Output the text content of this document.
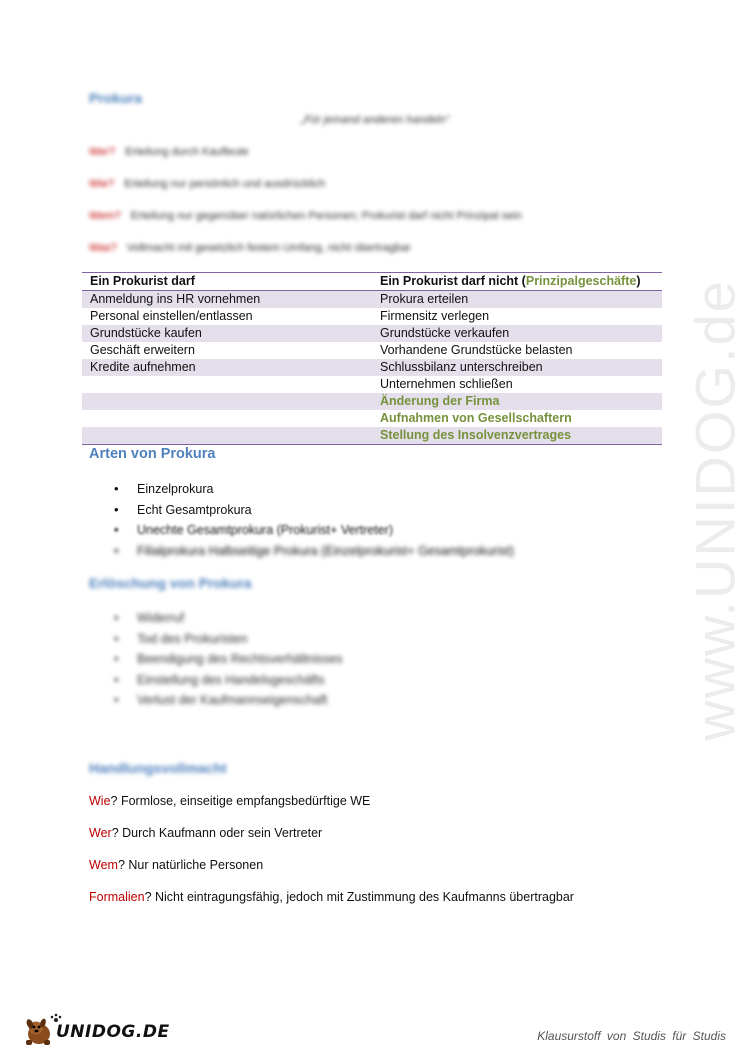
www.UNIDOG.de
Prokura
„Für jemand anderen handeln"
Wer? Erteilung durch Kaufleute
Wie? Erteilung nur persönlich und ausdrücklich
Wem? Erteilung nur gegenüber natürlichen Personen; Prokurist darf nicht Prinzipal sein
Was? Vollmacht mit gesetzlich festem Umfang, nicht übertragbar
Ein Prokurist darf	Ein Prokurist darf nicht (Prinzipalgeschäfte)
Anmeldung ins HR vornehmen	Prokura erteilen
Personal einstellen/entlassen	Firmensitz verlegen
Grundstücke kaufen	Grundstücke verkaufen
Geschäft erweitern	Vorhandene Grundstücke belasten
Kredite aufnehmen	Schlussbilanz unterschreiben
	Unternehmen schließen
	Änderung der Firma
	Aufnahmen von Gesellschaftern
	Stellung des Insolvenzvertrages
Arten von Prokura
• Einzelprokura
• Echt Gesamtprokura
• Unechte Gesamtprokura (Prokurist+ Vertreter)
• Filialprokura Halbseitige Prokura (Einzelprokurist+ Gesamtprokurist)
Erlöschung von Prokura
• Widerruf
• Tod des Prokuristen
• Beendigung des Rechtsverhältnisses
• Einstellung des Handelsgeschäfts
• Verlust der Kaufmannseigenschaft
Handlungsvollmacht
Wie? Formlose, einseitige empfangsbedürftige WE
Wer? Durch Kaufmann oder sein Vertreter
Wem? Nur natürliche Personen
Formalien? Nicht eintragungsfähig, jedoch mit Zustimmung des Kaufmanns übertragbar
UNIDOG.DE	Klausurstoff von Studis für Studis
